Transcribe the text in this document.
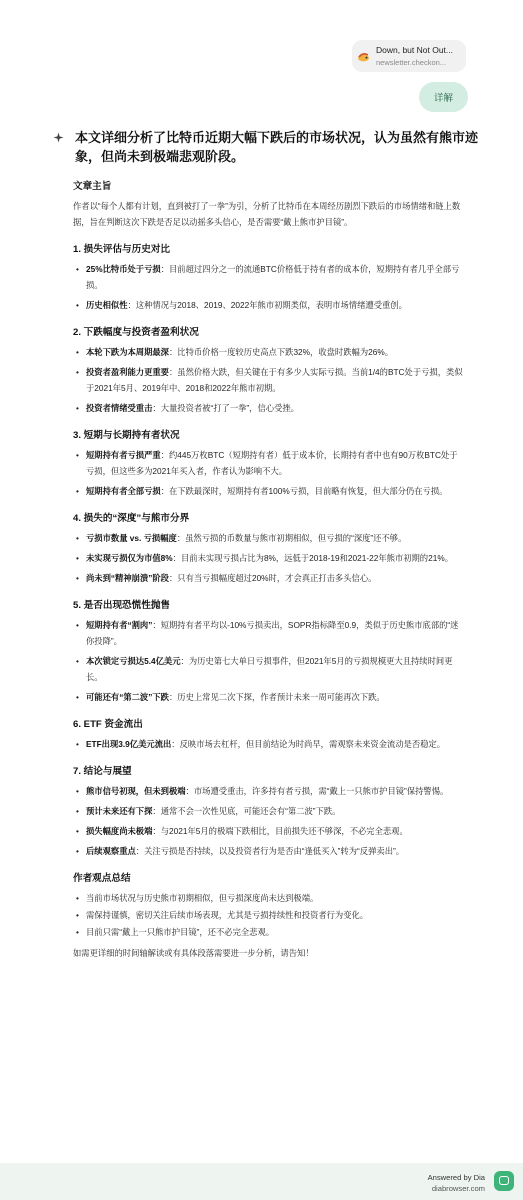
Down, but Not Out...
newsletter.checkon...
详解
本文详细分析了比特币近期大幅下跌后的市场状况，认为虽然有熊市迹象，但尚未到极端悲观阶段。
文章主旨

作者以“每个人都有计划，直到被打了一拳”为引，分析了比特币在本周经历剧烈下跌后的市场情绪和链上数据，旨在判断这次下跌是否足以动摇多头信心，是否需要“戴上熊市护目镜”。

1. 损失评估与历史对比
• 25%比特币处于亏损：目前超过四分之一的流通BTC价格低于持有者的成本价，短期持有者几乎全部亏损。
• 历史相似性：这种情况与2018、2019、2022年熊市初期类似，表明市场情绪遭受重创。
2. 下跌幅度与投资者盈利状况
• 本轮下跌为本周期最深：比特币价格一度较历史高点下跌32%，收盘时跌幅为26%。
• 投资者盈利能力更重要：虽然价格大跌，但关键在于有多少人实际亏损。当前1/4的BTC处于亏损，类似于2021年5月、2019年中、2018和2022年熊市初期。
• 投资者情绪受重击：大量投资者被“打了一拳”，信心受挫。
3. 短期与长期持有者状况
• 短期持有者亏损严重：约445万枚BTC（短期持有者）低于成本价，长期持有者中也有90万枚BTC处于亏损，但这些多为2021年买入者，作者认为影响不大。
• 短期持有者全部亏损：在下跌最深时，短期持有者100%亏损，目前略有恢复，但大部分仍在亏损。
4. 损失的“深度”与熊市分界
• 亏损市数量 vs. 亏损幅度：虽然亏损的币数量与熊市初期相似，但亏损的“深度”还不够。
• 未实现亏损仅为市值8%：目前未实现亏损占比为8%，远低于2018-19和2021-22年熊市初期的21%。
• 尚未到“精神崩溃”阶段：只有当亏损幅度超过20%时，才会真正打击多头信心。
5. 是否出现恐慌性抛售
• 短期持有者“割肉”：短期持有者平均以-10%亏损卖出，SOPR指标降至0.9，类似于历史熊市底部的“迷你投降”。
• 本次锁定亏损达5.4亿美元：为历史第七大单日亏损事件，但2021年5月的亏损规模更大且持续时间更长。
• 可能还有“第二波”下跌：历史上常见二次下探，作者预计未来一周可能再次下跌。
6. ETF 资金流出
• ETF出现3.9亿美元流出：反映市场去杠杆，但目前结论为时尚早，需观察未来资金流动是否稳定。
7. 结论与展望
• 熊市信号初现，但未到极端：市场遭受重击，许多持有者亏损，需“戴上一只熊市护目镜”保持警惕。
• 预计未来还有下探：通常不会一次性见底，可能还会有“第二波”下跌。
• 损失幅度尚未极端：与2021年5月的极端下跌相比，目前损失还不够深，不必完全悲观。
• 后续观察重点：关注亏损是否持续，以及投资者行为是否由“逢低买入”转为“反弹卖出”。
作者观点总结
• 当前市场状况与历史熊市初期相似，但亏损深度尚未达到极端。
• 需保持谨慎，密切关注后续市场表现，尤其是亏损持续性和投资者行为变化。
• 目前只需“戴上一只熊市护目镜”，还不必完全悲观。

如需更详细的时间轴解读或有具体段落需要进一步分析，请告知！

Answered by Dia
diabrowser.com
